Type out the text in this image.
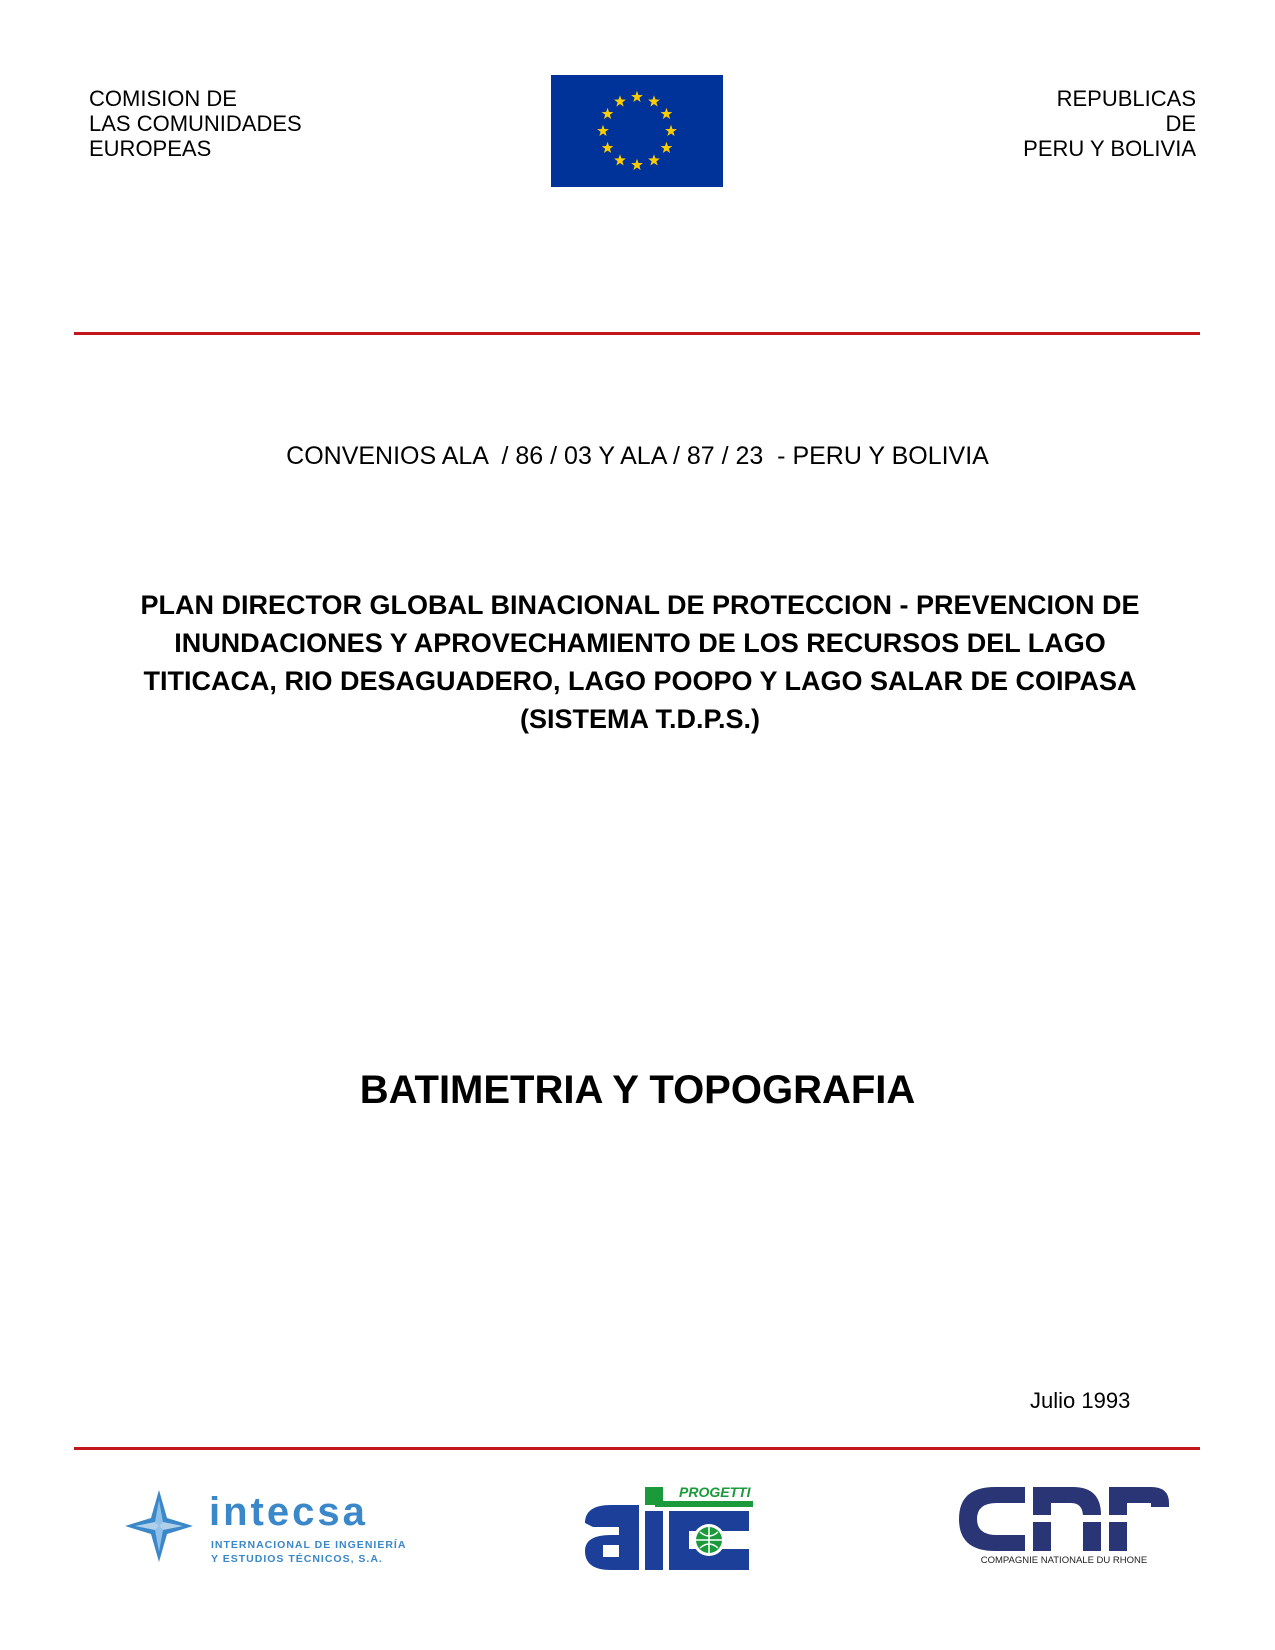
COMISION DE
LAS COMUNIDADES
EUROPEAS
REPUBLICAS
DE
PERU Y BOLIVIA
CONVENIOS ALA  / 86 / 03 Y ALA / 87 / 23  - PERU Y BOLIVIA
PLAN DIRECTOR GLOBAL BINACIONAL DE PROTECCION - PREVENCION DE
INUNDACIONES Y APROVECHAMIENTO DE LOS RECURSOS DEL LAGO
TITICACA, RIO DESAGUADERO, LAGO POOPO Y LAGO SALAR DE COIPASA
(SISTEMA T.D.P.S.)
BATIMETRIA Y TOPOGRAFIA
Julio 1993
intecsa
INTERNACIONAL DE INGENIERÍA
Y ESTUDIOS TÉCNICOS, S.A.
PROGETTI
COMPAGNIE NATIONALE DU RHONE
